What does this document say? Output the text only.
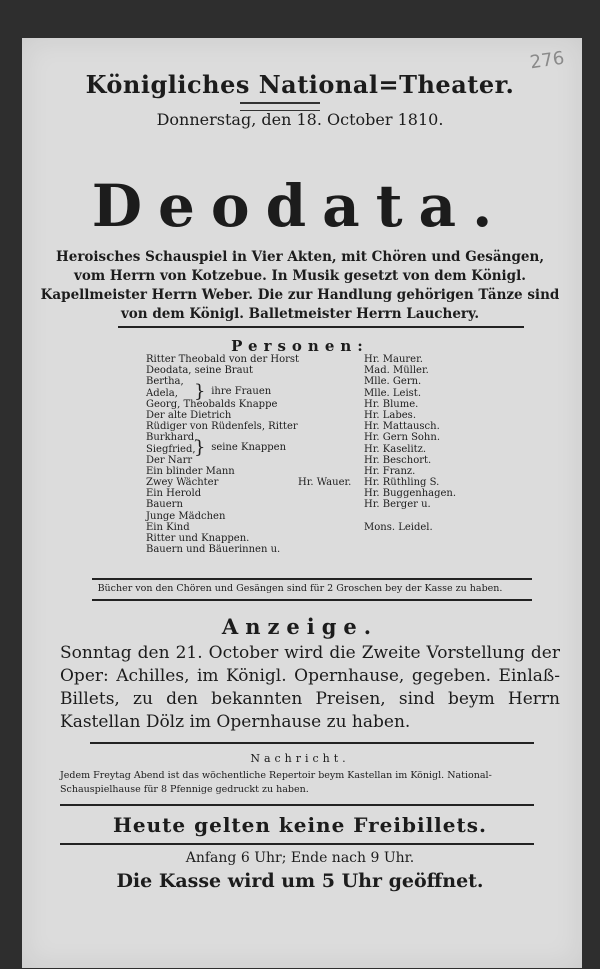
276
Königliches National=Theater.
Donnerstag, den 18. October 1810.
Deodata.
Heroisches Schauspiel in Vier Akten, mit Chören und Gesängen, vom Herrn von Kotzebue. In Musik gesetzt von dem Königl. Kapellmeister Herrn Weber. Die zur Handlung gehörigen Tänze sind von dem Königl. Balletmeister Herrn Lauchery.
Personen:
Ritter Theobald von der Horst	Hr. Maurer.
Deodata, seine Braut	Mad. Müller.
Bertha,	Mlle. Gern.
Adela,	Mlle. Leist.
Georg, Theobalds Knappe	Hr. Blume.
Der alte Dietrich	Hr. Labes.
Rüdiger von Rüdenfels, Ritter	Hr. Mattausch.
Burkhard,	Hr. Gern Sohn.
Siegfried,	Hr. Kaselitz.
Der Narr	Hr. Beschort.
Ein blinder Mann	Hr. Franz.
Zwey Wächter	Hr. Wauer. Hr. Rüthling S.
Ein Herold	Hr. Buggenhagen.
Bauern	Hr. Berger u.
Junge Mädchen
Ein Kind	Mons. Leidel.
Ritter und Knappen.
Bauern und Bäuerinnen u.
} ihre Frauen
} seine Knappen
Bücher von den Chören und Gesängen sind für 2 Groschen bey der Kasse zu haben.
Anzeige.
Sonntag den 21. October wird die Zweite Vorstellung der Oper: Achilles, im Königl. Opernhause, gegeben. Einlaß-Billets, zu den bekannten Preisen, sind beym Herrn Kastellan Dölz im Opernhause zu haben.
Nachricht.
Jedem Freytag Abend ist das wöchentliche Repertoir beym Kastellan im Königl. National-Schauspielhause für 8 Pfennige gedruckt zu haben.
Heute gelten keine Freibillets.
Anfang 6 Uhr; Ende nach 9 Uhr.
Die Kasse wird um 5 Uhr geöffnet.
